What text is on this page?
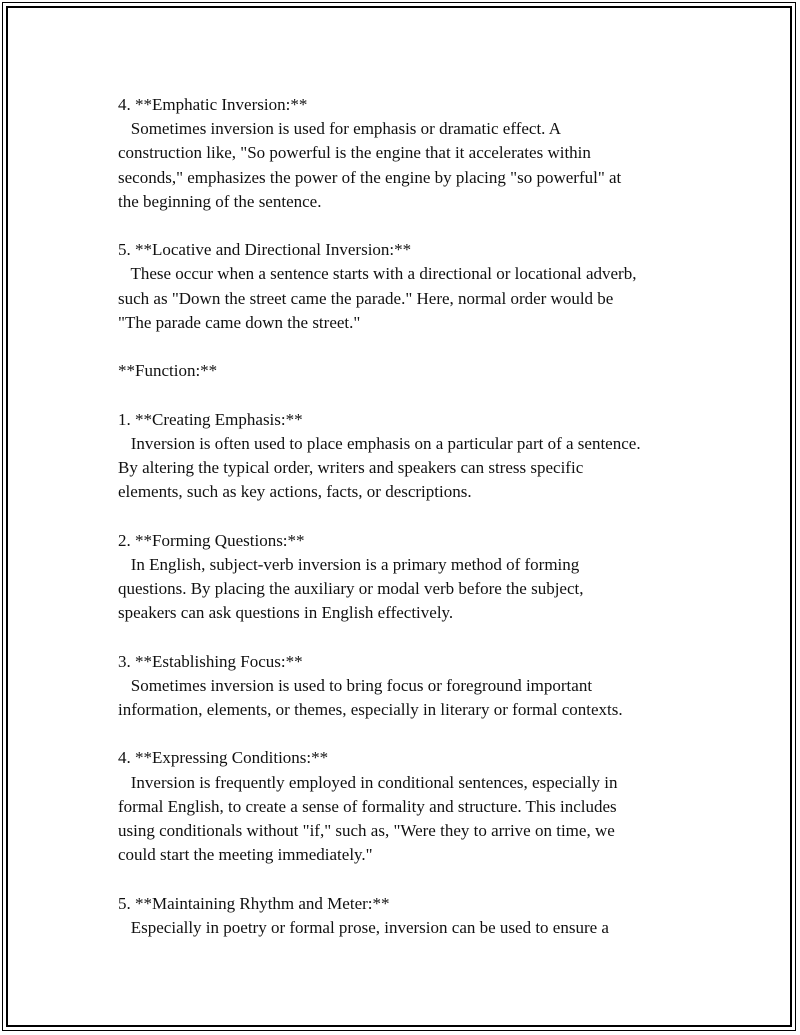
4. **Emphatic Inversion:**
Sometimes inversion is used for emphasis or dramatic effect. A
construction like, "So powerful is the engine that it accelerates within
seconds," emphasizes the power of the engine by placing "so powerful" at
the beginning of the sentence.
5. **Locative and Directional Inversion:**
These occur when a sentence starts with a directional or locational adverb,
such as "Down the street came the parade." Here, normal order would be
"The parade came down the street."
**Function:**
1. **Creating Emphasis:**
Inversion is often used to place emphasis on a particular part of a sentence.
By altering the typical order, writers and speakers can stress specific
elements, such as key actions, facts, or descriptions.
2. **Forming Questions:**
In English, subject-verb inversion is a primary method of forming
questions. By placing the auxiliary or modal verb before the subject,
speakers can ask questions in English effectively.
3. **Establishing Focus:**
Sometimes inversion is used to bring focus or foreground important
information, elements, or themes, especially in literary or formal contexts.
4. **Expressing Conditions:**
Inversion is frequently employed in conditional sentences, especially in
formal English, to create a sense of formality and structure. This includes
using conditionals without "if," such as, "Were they to arrive on time, we
could start the meeting immediately."
5. **Maintaining Rhythm and Meter:**
Especially in poetry or formal prose, inversion can be used to ensure a
